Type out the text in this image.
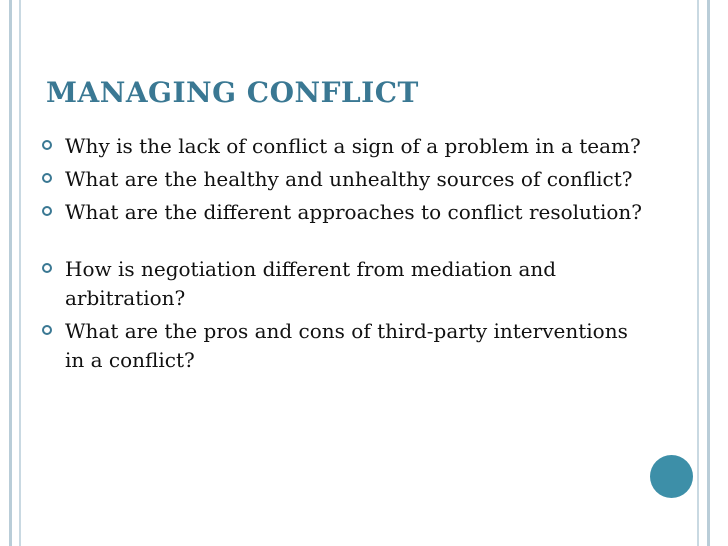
MANAGING CONFLICT
Why is the lack of conflict a sign of a problem in a team?
What are the healthy and unhealthy sources of conflict?
What are the different approaches to conflict resolution?
How is negotiation different from mediation and arbitration?
What are the pros and cons of third-party interventions in a conflict?
